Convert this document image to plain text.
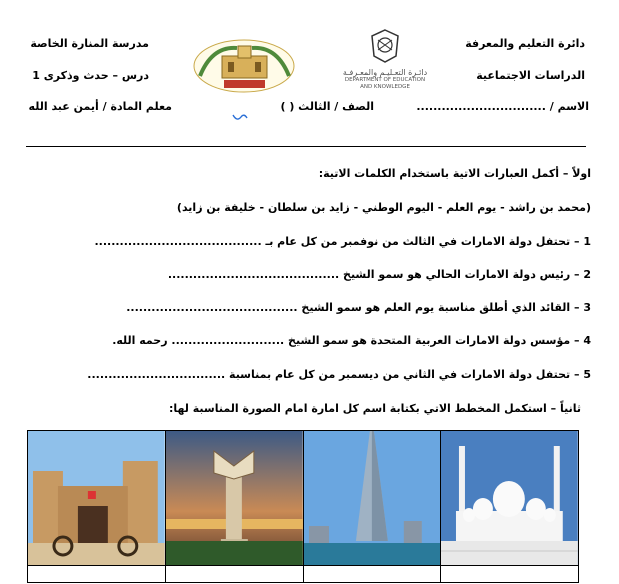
مدرسة المنارة الخاصة
درس – حدث وذكرى 1
معلم المادة / أيمن عبد الله
دائـرة التعـليـم والمعـرفـة
DEPARTMENT OF EDUCATION
AND KNOWLEDGE
دائرة التعليم والمعرفة
الدراسات الاجتماعية
الاسم / ...............................
الصف / الثالث ( )
اولاً – أكمل العبارات الاتية باستخدام الكلمات الاتية:
(محمد بن راشد - يوم العلم - اليوم الوطني - زايد بن سلطان - خليفة بن زايد)
1 – تحتفل دولة الامارات في الثالث من نوفمبر من كل عام بـ ........................................
2 – رئيس دولة الامارات الحالي هو سمو الشيخ .........................................
3 – القائد الذي أطلق مناسبة يوم العلم هو سمو الشيخ .........................................
4 – مؤسس دولة الامارات العربية المتحدة هو سمو الشيخ ........................... رحمه الله.
5 – تحتفل دولة الامارات في الثاني من ديسمبر من كل عام بمناسبة .................................
ثانياً – استكمل المخطط الاتي بكتابة اسم كل امارة امام الصورة المناسبة لها:
